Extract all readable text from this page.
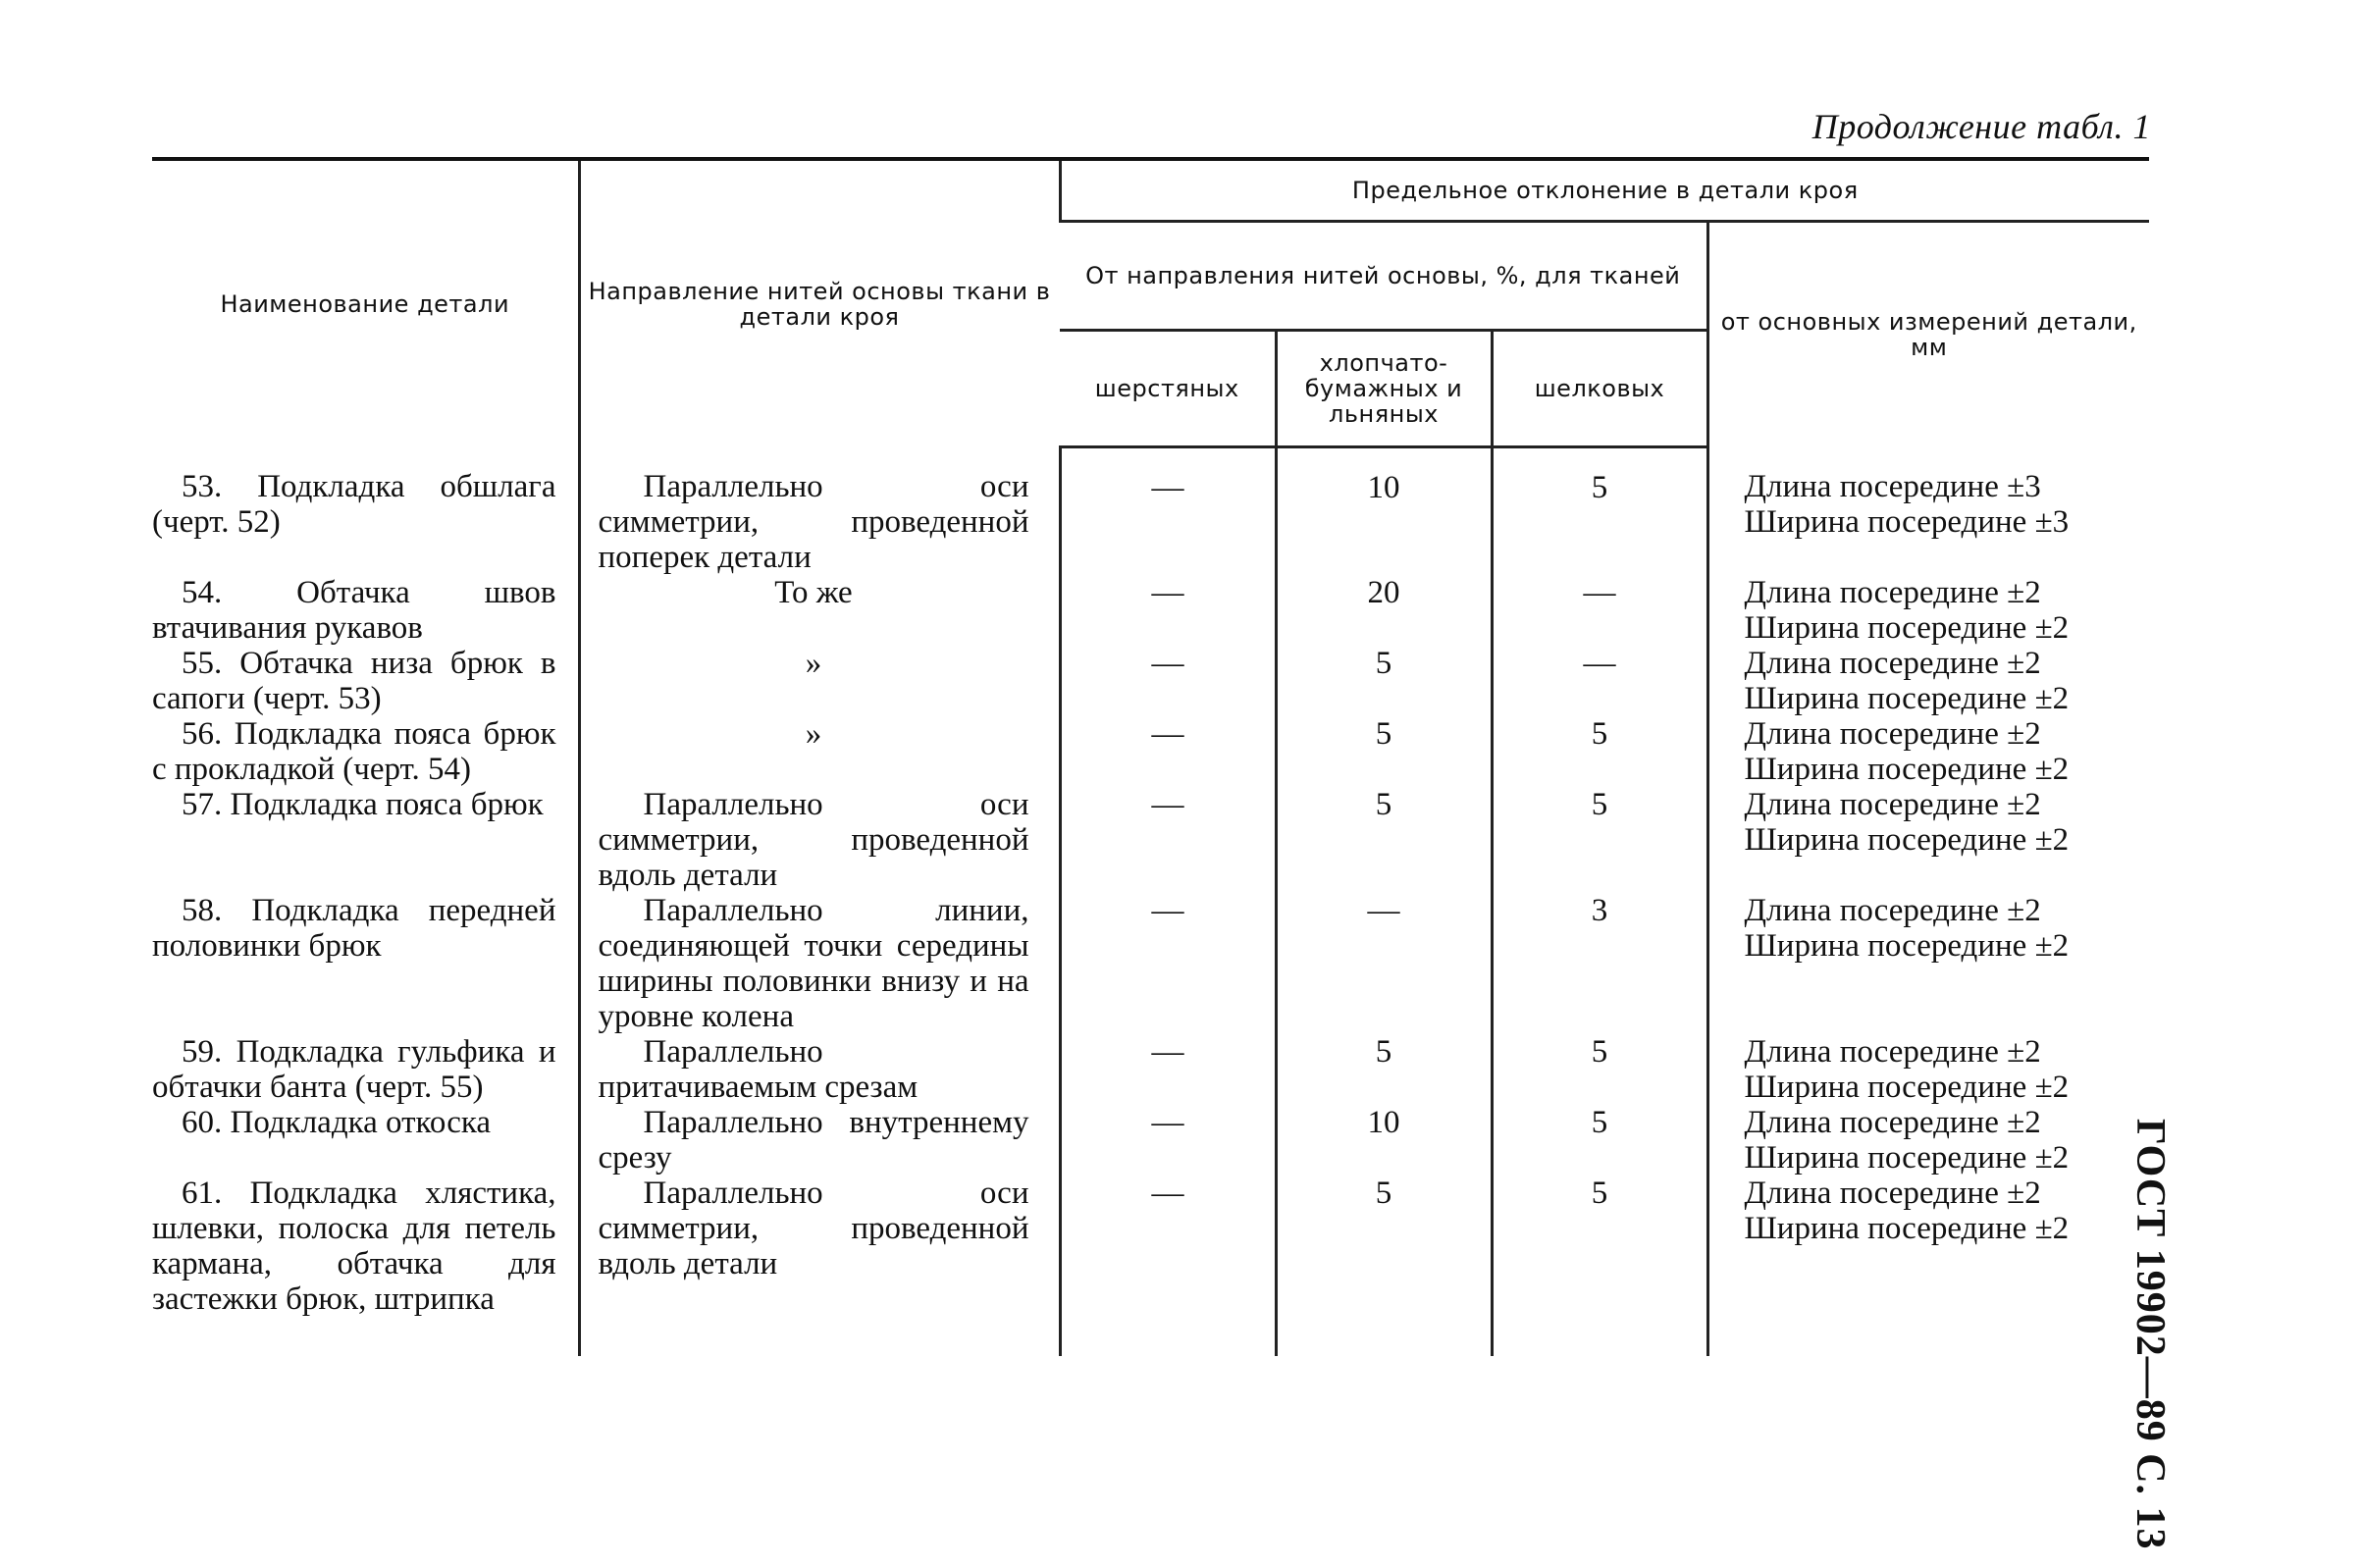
Продолжение табл. 1
Наименование детали	Направление нитей основы ткани в детали кроя	Предельное отклонение в детали кроя			
		От направления нитей основы, %, для тканей			от основных измерений детали, мм
		шерстяных	хлопчато-бумажных и льняных	шелковых	
53. Подкладка обшлага (черт. 52)	Параллельно оси симметрии, проведенной поперек детали	—	10	5	Длина посередине ±3
Ширина посередине ±3

54. Обтачка швов втачивания рукавов	То же	—	20	—	Длина посередине ±2
Ширина посередине ±2

55. Обтачка низа брюк в сапоги (черт. 53)	»	—	5	—	Длина посередине ±2
Ширина посередине ±2

56. Подкладка пояса брюк с прокладкой (черт. 54)	»	—	5	5	Длина посередине ±2
Ширина посередине ±2

57. Подкладка пояса брюк	Параллельно оси симметрии, проведенной вдоль детали	—	5	5	Длина посередине ±2
Ширина посередине ±2

58. Подкладка передней половинки брюк	Параллельно линии, соединяющей точки середины ширины половинки внизу и на уровне колена	—	—	3	Длина посередине ±2
Ширина посередине ±2

59. Подкладка гульфика и обтачки банта (черт. 55)	Параллельно притачиваемым срезам	—	5	5	Длина посередине ±2
Ширина посередине ±2

60. Подкладка откоска	Параллельно внутреннему срезу	—	10	5	Длина посередине ±2
Ширина посередине ±2

61. Подкладка хлястика, шлевки, полоска для петель кармана, обтачка для застежки брюк, штрипка	Параллельно оси симметрии, проведенной вдоль детали	—	5	5	Длина посередине ±2
Ширина посередине ±2	ГОСТ 19902—89 С. 13
